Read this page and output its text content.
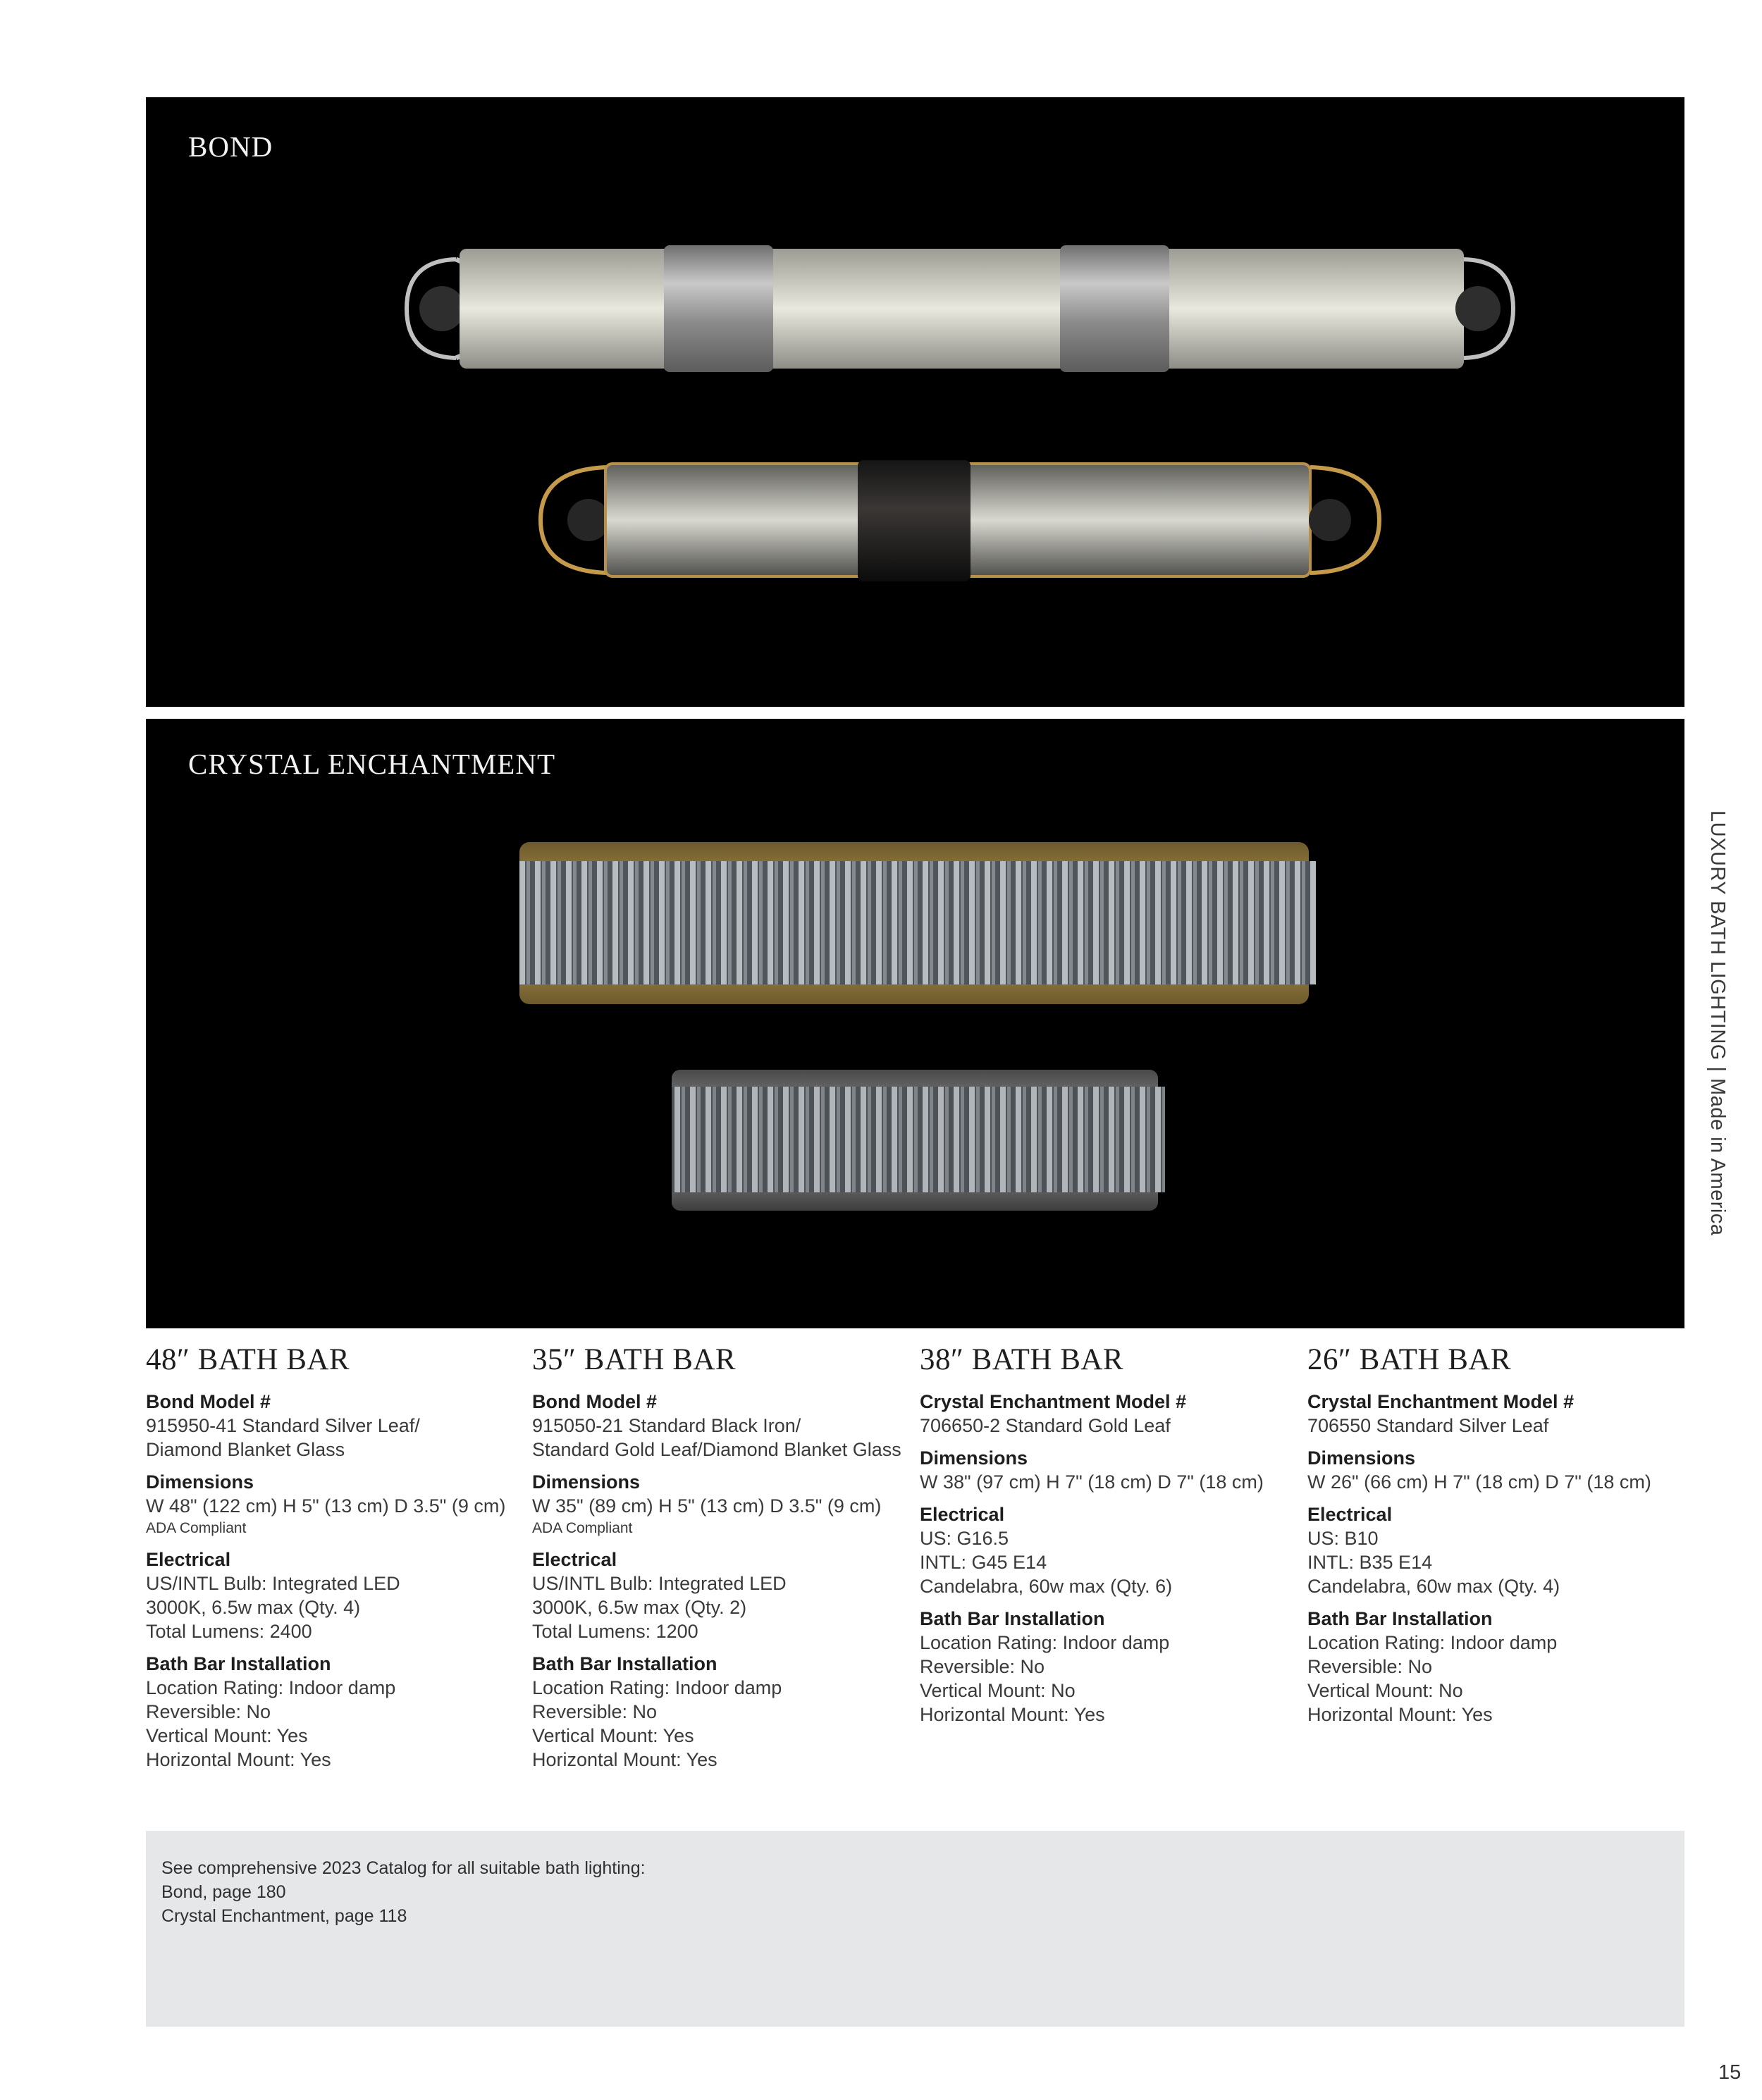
BOND
CRYSTAL ENCHANTMENT
LUXURY BATH LIGHTING | Made in America
48″ BATH BAR
Bond Model #
915950-41 Standard Silver Leaf/
Diamond Blanket Glass
Dimensions
W 48" (122 cm) H 5" (13 cm) D 3.5" (9 cm)
ADA Compliant
Electrical
US/INTL Bulb: Integrated LED
3000K, 6.5w max (Qty. 4)
Total Lumens: 2400
Bath Bar Installation
Location Rating: Indoor damp
Reversible: No
Vertical Mount: Yes
Horizontal Mount: Yes
35″ BATH BAR
Bond Model #
915050-21 Standard Black Iron/
Standard Gold Leaf/Diamond Blanket Glass
Dimensions
W 35" (89 cm) H 5" (13 cm) D 3.5" (9 cm)
ADA Compliant
Electrical
US/INTL Bulb: Integrated LED
3000K, 6.5w max (Qty. 2)
Total Lumens: 1200
Bath Bar Installation
Location Rating: Indoor damp
Reversible: No
Vertical Mount: Yes
Horizontal Mount: Yes
38″ BATH BAR
Crystal Enchantment Model #
706650-2 Standard Gold Leaf
Dimensions
W 38" (97 cm) H 7" (18 cm) D 7" (18 cm)
Electrical
US: G16.5
INTL: G45 E14
Candelabra, 60w max (Qty. 6)
Bath Bar Installation
Location Rating: Indoor damp
Reversible: No
Vertical Mount: No
Horizontal Mount: Yes
26″ BATH BAR
Crystal Enchantment Model #
706550 Standard Silver Leaf
Dimensions
W 26" (66 cm) H 7" (18 cm) D 7" (18 cm)
Electrical
US: B10
INTL: B35 E14
Candelabra, 60w max (Qty. 4)
Bath Bar Installation
Location Rating: Indoor damp
Reversible: No
Vertical Mount: No
Horizontal Mount: Yes
See comprehensive 2023 Catalog for all suitable bath lighting:
Bond, page 180
Crystal Enchantment, page 118
15
